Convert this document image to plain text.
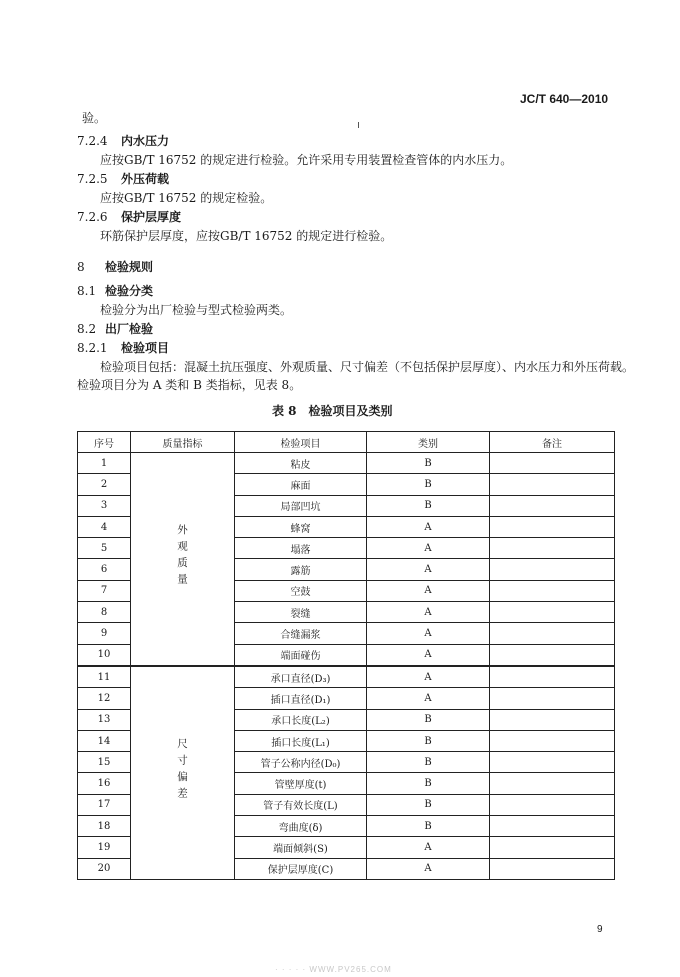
JC/T 640—2010
验。
7.2.4 内水压力
应按GB/T 16752 的规定进行检验。允许采用专用装置检查管体的内水压力。
7.2.5 外压荷载
应按GB/T 16752 的规定检验。
7.2.6 保护层厚度
环筋保护层厚度，应按GB/T 16752 的规定进行检验。
8 检验规则
8.1 检验分类
检验分为出厂检验与型式检验两类。
8.2 出厂检验
8.2.1 检验项目
检验项目包括：混凝土抗压强度、外观质量、尺寸偏差（不包括保护层厚度）、内水压力和外压荷载。
检验项目分为 A 类和 B 类指标，见表 8。
表 8　检验项目及类别
序号	质量指标	检验项目	类别	备注
1	外观质量	粘皮	B	
2		麻面	B	
3		局部凹坑	B	
4		蜂窝	A	
5		塌落	A	
6		露筋	A	
7		空鼓	A	
8		裂缝	A	
9		合缝漏浆	A	
10		端面碰伤	A	
11	尺寸偏差	承口直径(D₃)	A	
12		插口直径(D₁)	A	
13		承口长度(L₂)	B	
14		插口长度(L₁)	B	
15		管子公称内径(D₀)	B	
16		管壁厚度(t)	B	
17		管子有效长度(L)	B	
18		弯曲度(δ)	B	
19		端面倾斜(S)	A	
20		保护层厚度(C)	A	
9
· · · · · WWW.PV265.COM
